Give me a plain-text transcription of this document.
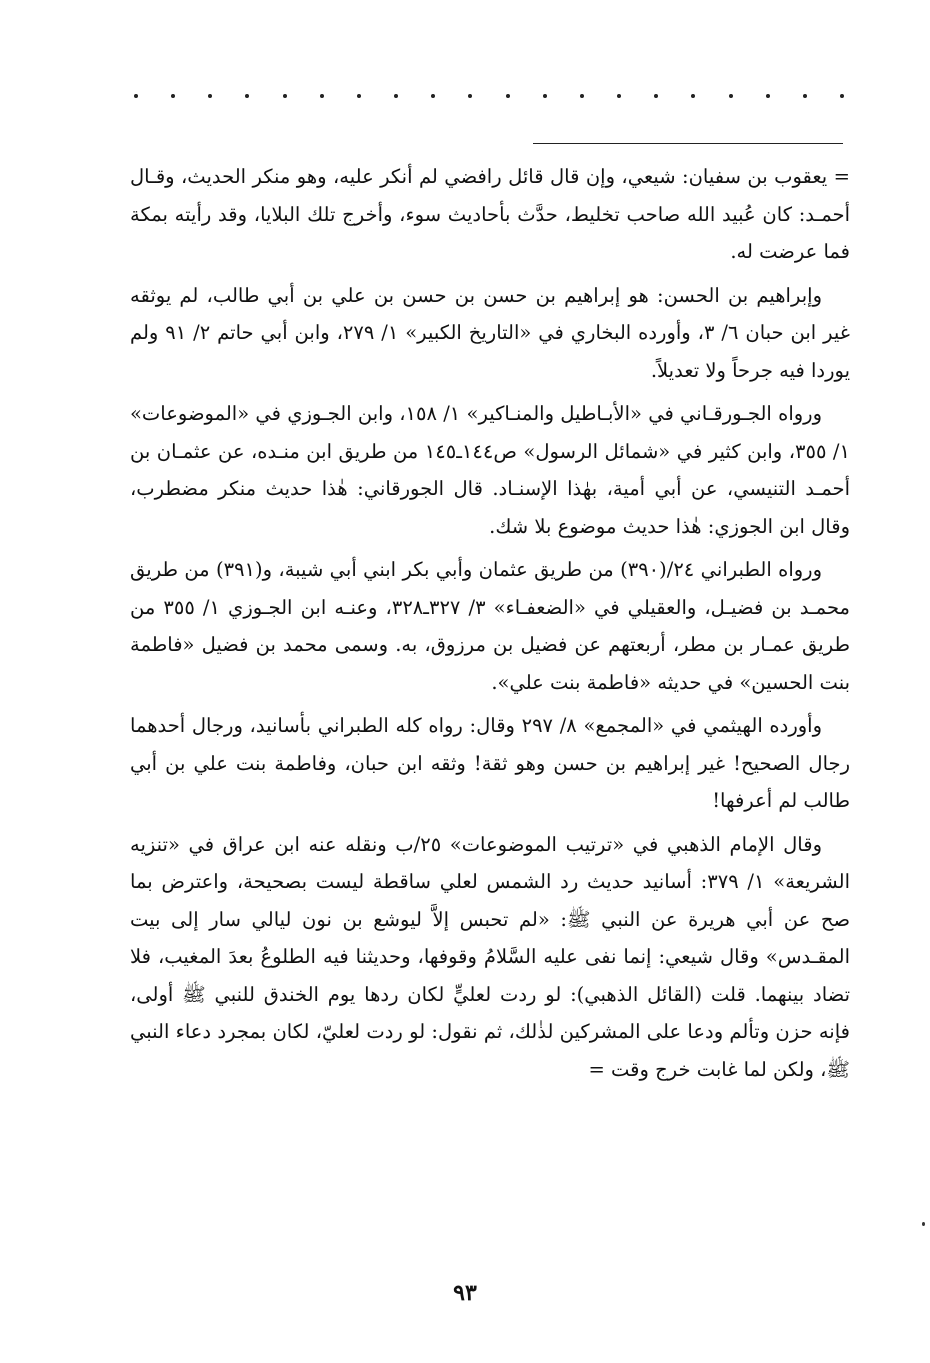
= يعقوب بن سفيان: شيعي، وإن قال قائل رافضي لم أنكر عليه، وهو منكر الحديث، وقـال أحمـد: كان عُبيد الله صاحب تخليط، حدَّث بأحاديث سوء، وأخرج تلك البلايا، وقد رأيته بمكة فما عرضت له.

وإبراهيم بن الحسن: هو إبراهيم بن حسن بن حسن بن علي بن أبي طالب، لم يوثقه غير ابن حبان ٦/ ٣، وأورده البخاري في «التاريخ الكبير» ١/ ٢٧٩، وابن أبي حاتم ٢/ ٩١ ولم يوردا فيه جرحاً ولا تعديلاً.

ورواه الجـورقـاني في «الأبـاطيل والمنـاكير» ١/ ١٥٨، وابن الجـوزي في «الموضوعات» ١/ ٣٥٥، وابن كثير في «شمائل الرسول» ص١٤٤ـ١٤٥ من طريق ابن منـده، عن عثمـان بن أحمـد التنيسي، عن أبي أمية، بهٰذا الإسنـاد. قال الجورقاني: هٰذا حديث منكر مضطرب، وقال ابن الجوزي: هٰذا حديث موضوع بلا شك.

ورواه الطبراني ٢٤/(٣٩٠) من طريق عثمان وأبي بكر ابني أبي شيبة، و(٣٩١) من طريق محمـد بن فضيـل، والعقيلي في «الضعفـاء» ٣/ ٣٢٧ـ٣٢٨، وعنـه ابن الجـوزي ١/ ٣٥٥ من طريق عمـار بن مطر، أربعتهم عن فضيل بن مرزوق، به. وسمى محمد بن فضيل «فاطمة بنت الحسين» في حديثه «فاطمة بنت علي».

وأورده الهيثمي في «المجمع» ٨/ ٢٩٧ وقال: رواه كله الطبراني بأسانيد، ورجال أحدهما رجال الصحيح! غير إبراهيم بن حسن وهو ثقة! وثقه ابن حبان، وفاطمة بنت علي بن أبي طالب لم أعرفها!

وقال الإمام الذهبي في «ترتيب الموضوعات» ٢٥/ب ونقله عنه ابن عراق في «تنزيه الشريعة» ١/ ٣٧٩: أسانيد حديث رد الشمس لعلي ساقطة ليست بصحيحة، واعترض بما صح عن أبي هريرة عن النبي ﷺ: «لم تحبس إلاَّ ليوشع بن نون ليالي سار إلى بيت المقـدس» وقال شيعي: إنما نفى عليه السَّلامُ وقوفها، وحديثنا فيه الطلوعُ بعدَ المغيب، فلا تضاد بينهما. قلت (القائل الذهبي): لو ردت لعليٍّ لكان ردها يوم الخندق للنبي ﷺ أولى، فإنه حزن وتألم ودعا على المشركين لذٰلك، ثم نقول: لو ردت لعليّ، لكان بمجرد دعاء النبي ﷺ، ولكن لما غابت خرج وقت =

٩٣
